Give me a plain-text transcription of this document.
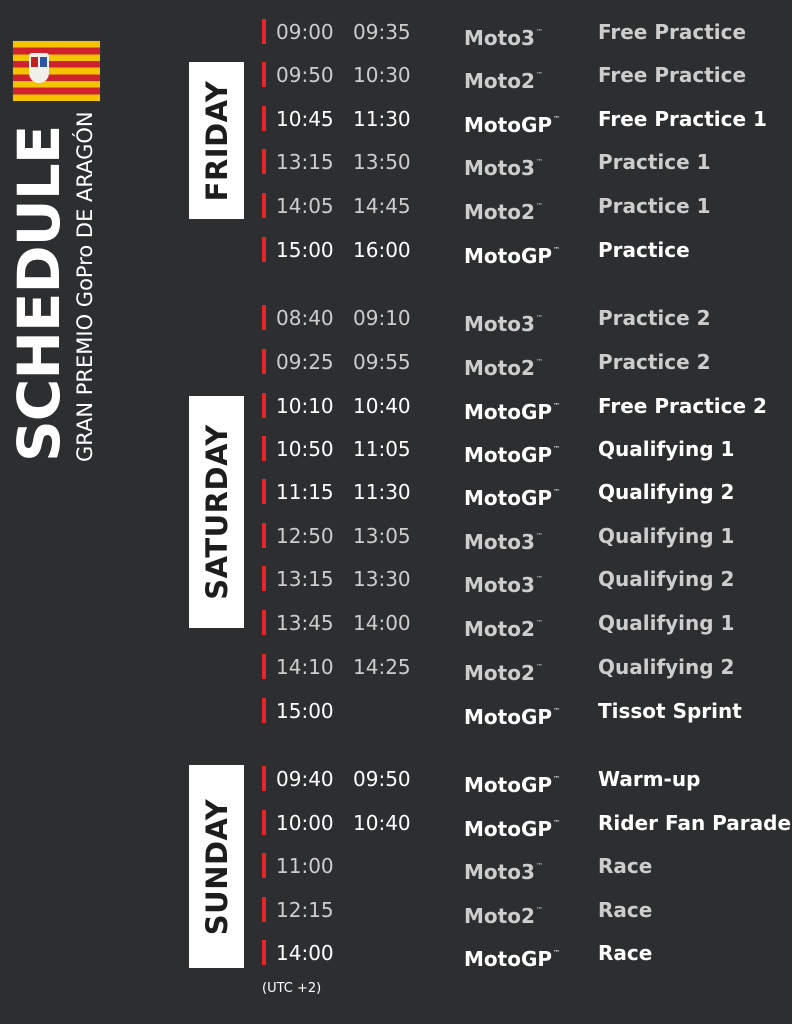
SCHEDULE GRAN PREMIO GoPro DE ARAGÓN	FRIDAY
SATURDAY
SUNDAY
09:00 09:35	Moto3™	Free Practice
09:50 10:30	Moto2™	Free Practice
10:45 11:30	MotoGP™ Free Practice 1
13:15 13:50	Moto3™	Practice 1
14:05 14:45	Moto2™	Practice 1
15:00 16:00	MotoGP™ Practice
08:40 09:10	Moto3™	Practice 2
09:25 09:55	Moto2™	Practice 2
10:10 10:40	MotoGP™ Free Practice 2
10:50 11:05	MotoGP™ Qualifying 1
11:15 11:30	MotoGP™ Qualifying 2
12:50 13:05	Moto3™	Qualifying 1
13:15 13:30	Moto3™	Qualifying 2
13:45 14:00	Moto2™	Qualifying 1
14:10 14:25	Moto2™	Qualifying 2
15:00	MotoGP™ Tissot Sprint
09:40 09:50	MotoGP™ Warm-up
10:00 10:40	MotoGP™ Rider Fan Parade
11:00	Moto3™	Race
12:15	Moto2™	Race
14:00	MotoGP™ Race
(UTC +2)
